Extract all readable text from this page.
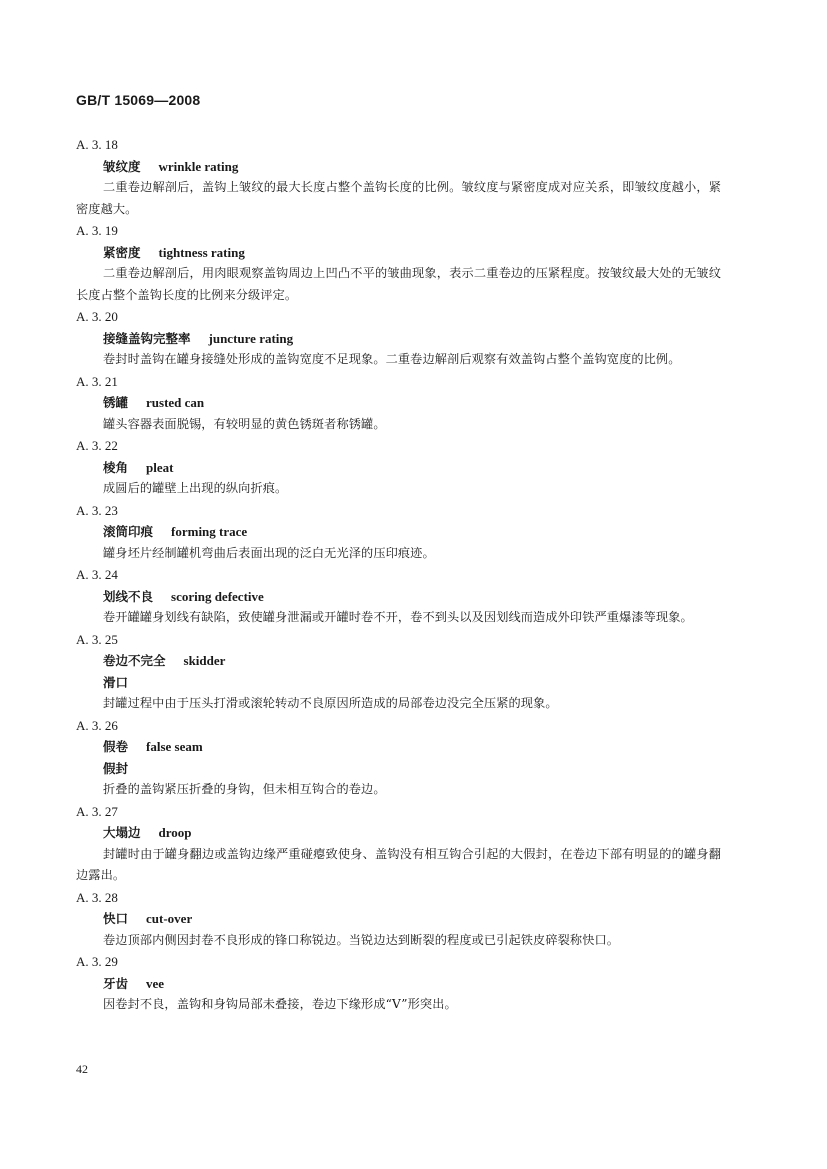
GB/T 15069—2008
A. 3. 18
皱纹度 wrinkle rating
二重卷边解剖后，盖钩上皱纹的最大长度占整个盖钩长度的比例。皱纹度与紧密度成对应关系，即皱纹度越小，紧密度越大。
A. 3. 19
紧密度 tightness rating
二重卷边解剖后，用肉眼观察盖钩周边上凹凸不平的皱曲现象，表示二重卷边的压紧程度。按皱纹最大处的无皱纹长度占整个盖钩长度的比例来分级评定。
A. 3. 20
接缝盖钩完整率 juncture rating
卷封时盖钩在罐身接缝处形成的盖钩宽度不足现象。二重卷边解剖后观察有效盖钩占整个盖钩宽度的比例。
A. 3. 21
锈罐 rusted can
罐头容器表面脱锡，有较明显的黄色锈斑者称锈罐。
A. 3. 22
棱角 pleat
成圆后的罐壁上出现的纵向折痕。
A. 3. 23
滚筒印痕 forming trace
罐身坯片经制罐机弯曲后表面出现的泛白无光泽的压印痕迹。
A. 3. 24
划线不良 scoring defective
卷开罐罐身划线有缺陷，致使罐身泄漏或开罐时卷不开，卷不到头以及因划线而造成外印铁严重爆漆等现象。
A. 3. 25
卷边不完全 skidder
滑口
封罐过程中由于压头打滑或滚轮转动不良原因所造成的局部卷边没完全压紧的现象。
A. 3. 26
假卷 false seam
假封
折叠的盖钩紧压折叠的身钩，但未相互钩合的卷边。
A. 3. 27
大塌边 droop
封罐时由于罐身翻边或盖钩边缘严重碰瘪致使身、盖钩没有相互钩合引起的大假封，在卷边下部有明显的的罐身翻边露出。
A. 3. 28
快口 cut-over
卷边顶部内侧因封卷不良形成的锋口称锐边。当锐边达到断裂的程度或已引起铁皮碎裂称快口。
A. 3. 29
牙齿 vee
因卷封不良，盖钩和身钩局部未叠接，卷边下缘形成“V”形突出。
42
